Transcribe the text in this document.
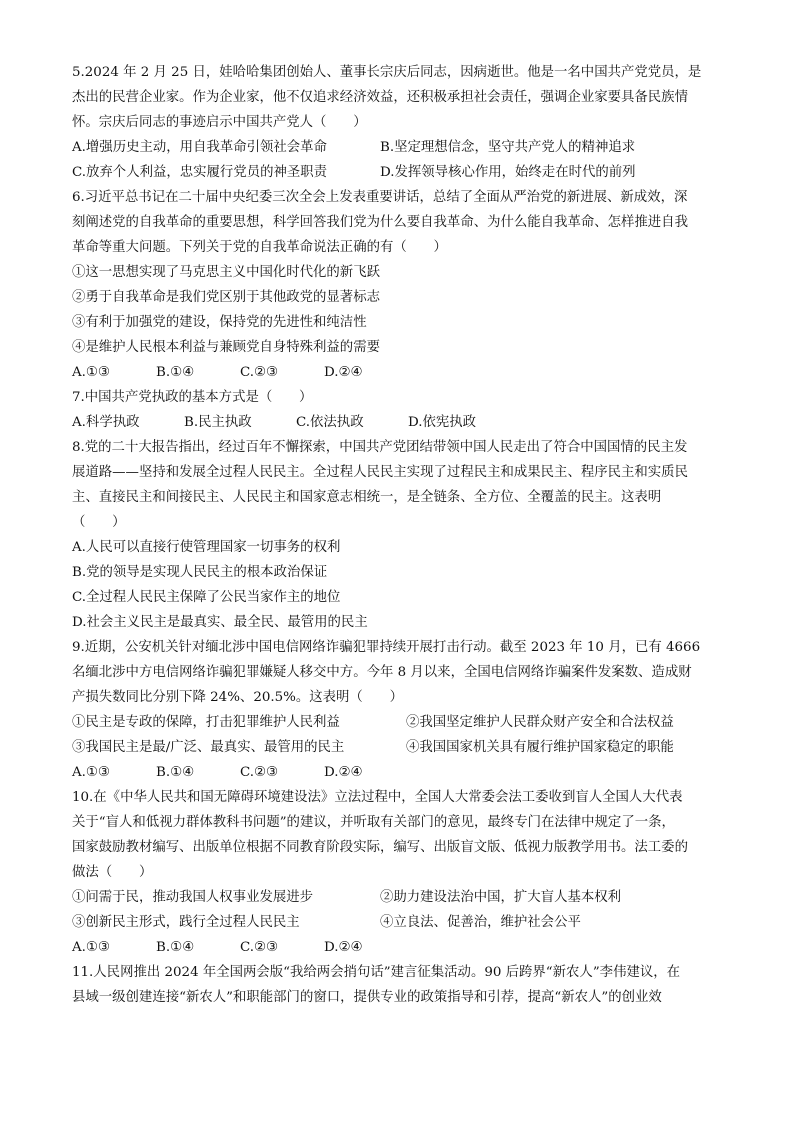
5.2024 年 2 月 25 日，娃哈哈集团创始人、董事长宗庆后同志，因病逝世。他是一名中国共产党党员，是
杰出的民营企业家。作为企业家，他不仅追求经济效益，还积极承担社会责任，强调企业家要具备民族情
怀。宗庆后同志的事迹启示中国共产党人（　　）
A.增强历史主动，用自我革命引领社会革命	B.坚定理想信念，坚守共产党人的精神追求
C.放弃个人利益，忠实履行党员的神圣职责	D.发挥领导核心作用，始终走在时代的前列
6.习近平总书记在二十届中央纪委三次全会上发表重要讲话，总结了全面从严治党的新进展、新成效，深
刻阐述党的自我革命的重要思想，科学回答我们党为什么要自我革命、为什么能自我革命、怎样推进自我
革命等重大问题。下列关于党的自我革命说法正确的有（　　）
①这一思想实现了马克思主义中国化时代化的新飞跃
②勇于自我革命是我们党区别于其他政党的显著标志
③有利于加强党的建设，保持党的先进性和纯洁性
④是维护人民根本利益与兼顾党自身特殊利益的需要
A.①③	B.①④	C.②③	D.②④
7.中国共产党执政的基本方式是（　　）
A.科学执政	B.民主执政	C.依法执政	D.依宪执政
8.党的二十大报告指出，经过百年不懈探索，中国共产党团结带领中国人民走出了符合中国国情的民主发
展道路——坚持和发展全过程人民民主。全过程人民民主实现了过程民主和成果民主、程序民主和实质民
主、直接民主和间接民主、人民民主和国家意志相统一，是全链条、全方位、全覆盖的民主。这表明
（　　）
A.人民可以直接行使管理国家一切事务的权利
B.党的领导是实现人民民主的根本政治保证
C.全过程人民民主保障了公民当家作主的地位
D.社会主义民主是最真实、最全民、最管用的民主
9.近期，公安机关针对缅北涉中国电信网络诈骗犯罪持续开展打击行动。截至 2023 年 10 月，已有 4666
名缅北涉中方电信网络诈骗犯罪嫌疑人移交中方。今年 8 月以来，全国电信网络诈骗案件发案数、造成财
产损失数同比分别下降 24%、20.5%。这表明（　　）
①民主是专政的保障，打击犯罪维护人民利益	②我国坚定维护人民群众财产安全和合法权益
③我国民主是最/广泛、最真实、最管用的民主	④我国国家机关具有履行维护国家稳定的职能
A.①③	B.①④	C.②③	D.②④
10.在《中华人民共和国无障碍环境建设法》立法过程中，全国人大常委会法工委收到盲人全国人大代表
关于“盲人和低视力群体教科书问题”的建议，并听取有关部门的意见，最终专门在法律中规定了一条，
国家鼓励教材编写、出版单位根据不同教育阶段实际，编写、出版盲文版、低视力版教学用书。法工委的
做法（　　）
①问需于民，推动我国人权事业发展进步	②助力建设法治中国，扩大盲人基本权利
③创新民主形式，践行全过程人民民主	④立良法、促善治，维护社会公平
A.①③	B.①④	C.②③	D.②④
11.人民网推出 2024 年全国两会版“我给两会捎句话”建言征集活动。90 后跨界“新农人”李伟建议，在
县域一级创建连接“新农人”和职能部门的窗口，提供专业的政策指导和引荐，提高“新农人”的创业效
